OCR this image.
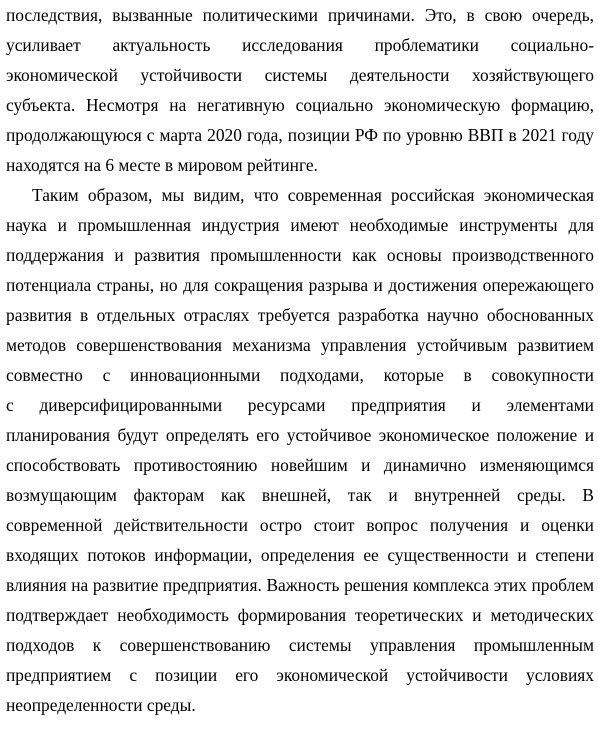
последствия, вызванные политическими причинами. Это, в свою очередь,
усиливает актуальность исследования проблематики социально-
экономической устойчивости системы деятельности хозяйствующего
субъекта. Несмотря на негативную социально экономическую формацию,
продолжающуюся с марта 2020 года, позиции РФ по уровню ВВП в 2021 году
находятся на 6 месте в мировом рейтинге.
Таким образом, мы видим, что современная российская экономическая
наука и промышленная индустрия имеют необходимые инструменты для
поддержания и развития промышленности как основы производственного
потенциала страны, но для сокращения разрыва и достижения опережающего
развития в отдельных отраслях требуется разработка научно обоснованных
методов совершенствования механизма управления устойчивым развитием
совместно с инновационными подходами, которые в совокупности
с диверсифицированными ресурсами предприятия и элементами
планирования будут определять его устойчивое экономическое положение и
способствовать противостоянию новейшим и динамично изменяющимся
возмущающим факторам как внешней, так и внутренней среды. В
современной действительности остро стоит вопрос получения и оценки
входящих потоков информации, определения ее существенности и степени
влияния на развитие предприятия. Важность решения комплекса этих проблем
подтверждает необходимость формирования теоретических и методических
подходов к совершенствованию системы управления промышленным
предприятием с позиции его экономической устойчивости условиях
неопределенности среды.
